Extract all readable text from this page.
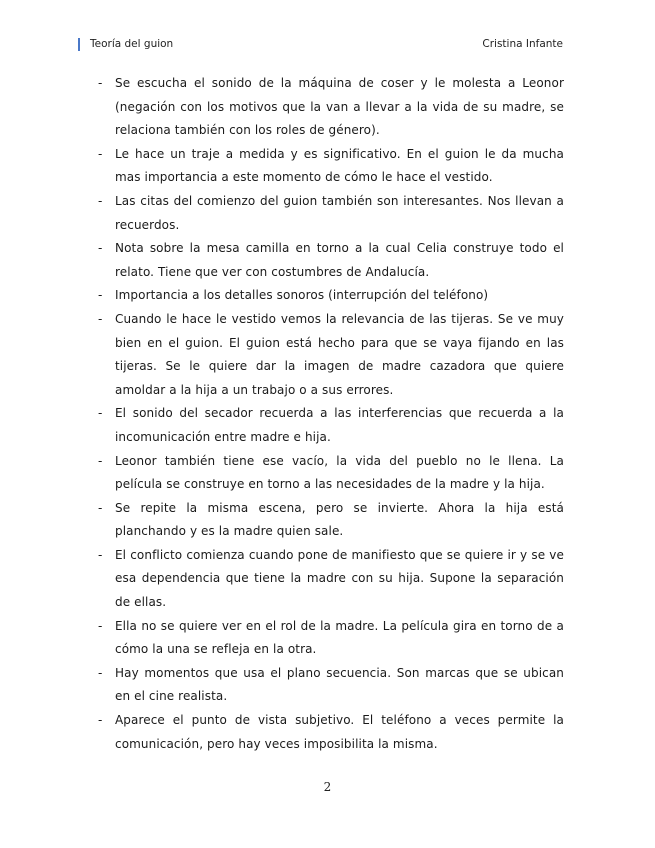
Teoría del guion	Cristina Infante
- Se escucha el sonido de la máquina de coser y le molesta a Leonor (negación con los motivos que la van a llevar a la vida de su madre, se relaciona también con los roles de género).
- Le hace un traje a medida y es significativo. En el guion le da mucha mas importancia a este momento de cómo le hace el vestido.
- Las citas del comienzo del guion también son interesantes. Nos llevan a recuerdos.
- Nota sobre la mesa camilla en torno a la cual Celia construye todo el relato. Tiene que ver con costumbres de Andalucía.
- Importancia a los detalles sonoros (interrupción del teléfono)
- Cuando le hace le vestido vemos la relevancia de las tijeras. Se ve muy bien en el guion. El guion está hecho para que se vaya fijando en las tijeras. Se le quiere dar la imagen de madre cazadora que quiere amoldar a la hija a un trabajo o a sus errores.
- El sonido del secador recuerda a las interferencias que recuerda a la incomunicación entre madre e hija.
- Leonor también tiene ese vacío, la vida del pueblo no le llena. La película se construye en torno a las necesidades de la madre y la hija.
- Se repite la misma escena, pero se invierte. Ahora la hija está planchando y es la madre quien sale.
- El conflicto comienza cuando pone de manifiesto que se quiere ir y se ve esa dependencia que tiene la madre con su hija. Supone la separación de ellas.
- Ella no se quiere ver en el rol de la madre. La película gira en torno de a cómo la una se refleja en la otra.
- Hay momentos que usa el plano secuencia. Son marcas que se ubican en el cine realista.
- Aparece el punto de vista subjetivo. El teléfono a veces permite la comunicación, pero hay veces imposibilita la misma.
2
